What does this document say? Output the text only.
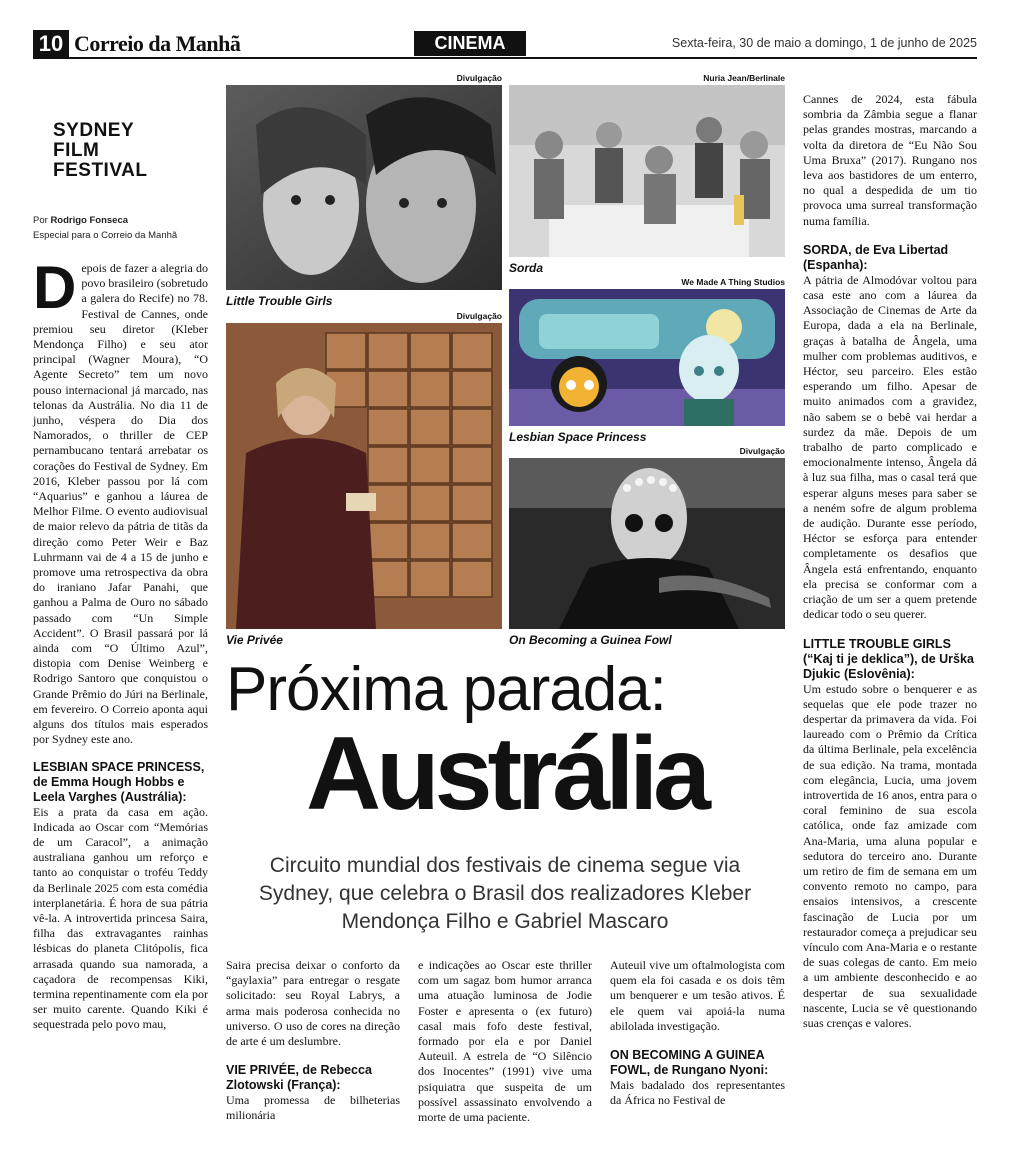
10 Correio da Manhã	CINEMA	Sexta-feira, 30 de maio a domingo, 1 de junho de 2025
SYDNEY
FILM
FESTIVAL
Por Rodrigo Fonseca
Especial para o Correio da Manhã

Depois de fazer a alegria do povo brasileiro (sobretudo a galera do Recife) no 78. Festival de Cannes, onde premiou seu diretor (Kleber Mendonça Filho) e seu ator principal (Wagner Moura), “O Agente Secreto” tem um novo pouso internacional já marcado, nas telonas da Austrália. No dia 11 de junho, véspera do Dia dos Namorados, o thriller de CEP pernambucano tentará arrebatar os corações do Festival de Sydney. Em 2016, Kleber passou por lá com “Aquarius” e ganhou a láurea de Melhor Filme. O evento audiovisual de maior relevo da pátria de titãs da direção como Peter Weir e Baz Luhrmann vai de 4 a 15 de junho e promove uma retrospectiva da obra do iraniano Jafar Panahi, que ganhou a Palma de Ouro no sábado passado com “Un Simple Accident”. O Brasil passará por lá ainda com “O Último Azul”, distopia com Denise Weinberg e Rodrigo Santoro que conquistou o Grande Prêmio do Júri na Berlinale, em fevereiro. O Correio aponta aqui alguns dos títulos mais esperados por Sydney este ano.

LESBIAN SPACE PRINCESS, de Emma Hough Hobbs e Leela Varghes (Austrália):

Eis a prata da casa em ação. Indicada ao Oscar com “Memórias de um Caracol”, a animação australiana ganhou um reforço e tanto ao conquistar o troféu Teddy da Berlinale 2025 com esta comédia interplanetária. É hora de sua pátria vê-la. A introvertida princesa Saira, filha das extravagantes rainhas lésbicas do planeta Clitópolis, fica arrasada quando sua namorada, a caçadora de recompensas Kiki, termina repentinamente com ela por ser muito carente. Quando Kiki é sequestrada pelo povo mau,

Divulgação
Little Trouble Girls
Nuria Jean/Berlinale
Sorda
We Made A Thing Studios
Lesbian Space Princess
Divulgação
Vie Privée
Divulgação
On Becoming a Guinea Fowl
Próxima parada:
Austrália
Circuito mundial dos festivais de cinema segue via Sydney, que celebra o Brasil dos realizadores Kleber Mendonça Filho e Gabriel Mascaro

Saira precisa deixar o conforto da “gaylaxia” para entregar o resgate solicitado: seu Royal Labrys, a arma mais poderosa conhecida no universo. O uso de cores na direção de arte é um deslumbre.

VIE PRIVÉE, de Rebecca Zlotowski (França):

Uma promessa de bilheterias milionária

e indicações ao Oscar este thriller com um sagaz bom humor arranca uma atuação luminosa de Jodie Foster e apresenta o (ex futuro) casal mais fofo deste festival, formado por ela e por Daniel Auteuil. A estrela de “O Silêncio dos Inocentes” (1991) vive uma psiquiatra que suspeita de um possível assassinato envolvendo a morte de uma paciente.

Auteuil vive um oftalmologista com quem ela foi casada e os dois têm um benquerer e um tesão ativos. É ele quem vai apoiá-la numa abilolada investigação.

ON BECOMING A GUINEA FOWL, de Rungano Nyoni:

Mais badalado dos representantes da África no Festival de

Cannes de 2024, esta fábula sombria da Zâmbia segue a flanar pelas grandes mostras, marcando a volta da diretora de “Eu Não Sou Uma Bruxa” (2017). Rungano nos leva aos bastidores de um enterro, no qual a despedida de um tio provoca uma surreal transformação numa família.

SORDA, de Eva Libertad (Espanha):

A pátria de Almodóvar voltou para casa este ano com a láurea da Associação de Cinemas de Arte da Europa, dada a ela na Berlinale, graças à batalha de Ângela, uma mulher com problemas auditivos, e Héctor, seu parceiro. Eles estão esperando um filho. Apesar de muito animados com a gravidez, não sabem se o bebê vai herdar a surdez da mãe. Depois de um trabalho de parto complicado e emocionalmente intenso, Ângela dá à luz sua filha, mas o casal terá que esperar alguns meses para saber se a neném sofre de algum problema de audição. Durante esse período, Héctor se esforça para entender completamente os desafios que Ângela está enfrentando, enquanto ela precisa se conformar com a criação de um ser a quem pretende dedicar todo o seu querer.

LITTLE TROUBLE GIRLS (“Kaj ti je deklica”), de Urška Djukic (Eslovênia):

Um estudo sobre o benquerer e as sequelas que ele pode trazer no despertar da primavera da vida. Foi laureado com o Prêmio da Crítica da última Berlinale, pela excelência de sua edição. Na trama, montada com elegância, Lucia, uma jovem introvertida de 16 anos, entra para o coral feminino de sua escola católica, onde faz amizade com Ana-Maria, uma aluna popular e sedutora do terceiro ano. Durante um retiro de fim de semana em um convento remoto no campo, para ensaios intensivos, a crescente fascinação de Lucia por um restaurador começa a prejudicar seu vínculo com Ana-Maria e o restante de suas colegas de canto. Em meio a um ambiente desconhecido e ao despertar de sua sexualidade nascente, Lucia se vê questionando suas crenças e valores.
